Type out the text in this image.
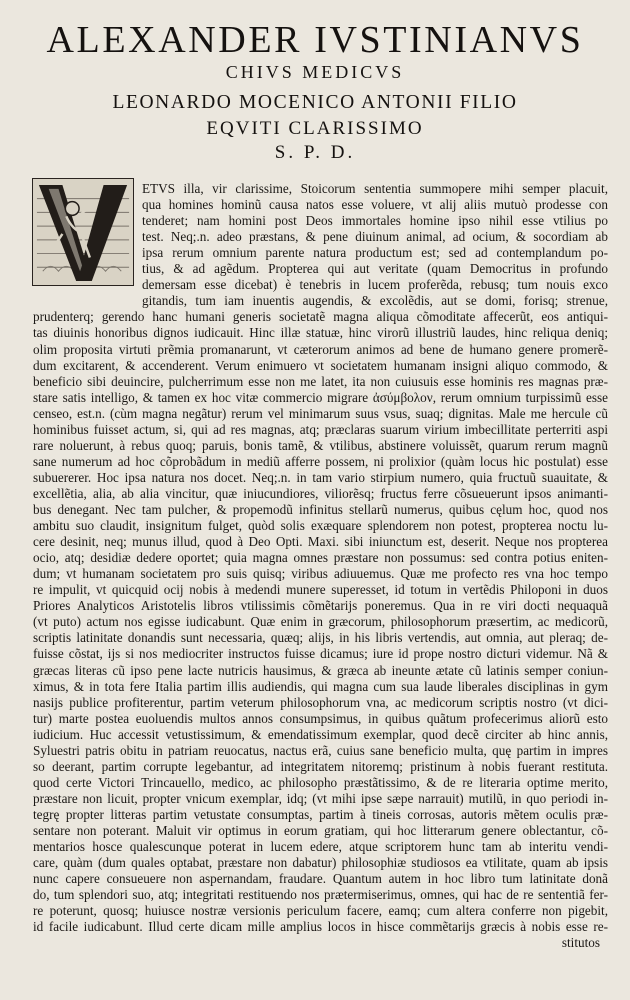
ALEXANDER IVSTINIANVS
CHIVS MEDICVS
LEONARDO MOCENICO ANTONII FILIO
EQVITI CLARISSIMO
S. P. D.
ETVS illa, vir clarissime, Stoicorum sententia summopere mihi semper placuit,
qua homines hominũ causa natos esse voluere, vt alij aliis mutuò prodesse con
tenderet; nam homini post Deos immortales homine ipso nihil esse vtilius po
test. Neq;.n. adeo præstans, & pene diuinum animal, ad ocium, & socordiam ab
ipsa rerum omnium parente natura productum est; sed ad contemplandum po-
tius, & ad agẽdum. Propterea qui aut veritate (quam Democritus in profundo
demersam esse dicebat) è tenebris in lucem proferẽda, rebusq; tum nouis exco
gitandis, tum iam inuentis augendis, & excolẽdis, aut se domi, forisq; strenue,
prudenterq; gerendo hanc humani generis societatẽ magna aliqua cõmoditate affecerũt, eos antiqui-
tas diuinis honoribus dignos iudicauit. Hinc illæ statuæ, hinc virorũ illustriũ laudes, hinc reliqua deniq;
olim proposita virtuti prẽmia promanarunt, vt cæterorum animos ad bene de humano genere promerẽ-
dum excitarent, & accenderent. Verum enimuero vt societatem humanam insigni aliquo commodo, &
beneficio sibi deuincire, pulcherrimum esse non me latet, ita non cuiusuis esse hominis res magnas præ-
stare satis intelligo, & tamen ex hoc vitæ commercio migrare ἀσύμβολον, rerum omnium turpissimũ esse
censeo, est.n. (cùm magna negãtur) rerum vel minimarum suus vsus, suaq; dignitas. Male me hercule cũ
hominibus fuisset actum, si, qui ad res magnas, atq; præclaras suarum virium imbecillitate perterriti aspi
rare noluerunt, à rebus quoq; paruis, bonis tamẽ, & vtilibus, abstinere voluissẽt, quarum rerum magnũ
sane numerum ad hoc cõprobãdum in mediũ afferre possem, ni prolixior (quàm locus hic postulat) esse
subuererer. Hoc ipsa natura nos docet. Neq;.n. in tam vario stirpium numero, quia fructuũ suauitate, &
excellẽtia, alia, ab alia vincitur, quæ iniucundiores, viliorẽsq; fructus ferre cõsueuerunt ipsos animanti-
bus denegant. Nec tam pulcher, & propemodũ infinitus stellarũ numerus, quibus cęlum hoc, quod nos
ambitu suo claudit, insignitum fulget, quòd solis exæquare splendorem non potest, propterea noctu lu-
cere desinit, neq; munus illud, quod à Deo Opti. Maxi. sibi iniunctum est, deserit. Neque nos propterea
ocio, atq; desidiæ dedere oportet; quia magna omnes præstare non possumus: sed contra potius eniten-
dum; vt humanam societatem pro suis quisq; viribus adiuuemus. Quæ me profecto res vna hoc tempo
re impulit, vt quicquid ocij nobis à medendi munere superesset, id totum in vertẽdis Philoponi in duos
Priores Analyticos Aristotelis libros vtilissimis cõmẽtarijs poneremus. Qua in re viri docti nequaquã
(vt puto) actum nos egisse iudicabunt. Quæ enim in græcorum, philosophorum præsertim, ac medicorũ,
scriptis latinitate donandis sunt necessaria, quæq; alijs, in his libris vertendis, aut omnia, aut pleraq; de-
fuisse cõstat, ijs si nos mediocriter instructos fuisse dicamus; iure id prope nostro dicturi videmur. Nã &
græcas literas cũ ipso pene lacte nutricis hausimus, & græca ab ineunte ætate cũ latinis semper coniun-
ximus, & in tota fere Italia partim illis audiendis, qui magna cum sua laude liberales disciplinas in gym
nasijs publice profiterentur, partim veterum philosophorum vna, ac medicorum scriptis nostro (vt dici-
tur) marte postea euoluendis multos annos consumpsimus, in quibus quãtum profecerimus aliorũ esto
iudicium. Huc accessit vetustissimum, & emendatissimum exemplar, quod decẽ circiter ab hinc annis,
Syluestri patris obitu in patriam reuocatus, nactus erã, cuius sane beneficio multa, quę partim in impres
so deerant, partim corrupte legebantur, ad integritatem nitoremq; pristinum à nobis fuerant restituta.
quod certe Victori Trincauello, medico, ac philosopho præstãtissimo, & de re literaria optime merito,
præstare non licuit, propter vnicum exemplar, idq; (vt mihi ipse sæpe narrauit) mutilũ, in quo periodi in-
tegrę propter litteras partim vetustate consumptas, partim à tineis corrosas, autoris mẽtem oculis præ-
sentare non poterant. Maluit vir optimus in eorum gratiam, qui hoc litterarum genere oblectantur, cõ-
mentarios hosce qualescunque poterat in lucem edere, atque scriptorem hunc tam ab interitu vendi-
care, quàm (dum quales optabat, præstare non dabatur) philosophiæ studiosos ea vtilitate, quam ab ipsis
nunc capere consueuere non aspernandam, fraudare. Quantum autem in hoc libro tum latinitate donã
do, tum splendori suo, atq; integritati restituendo nos prætermiserimus, omnes, qui hac de re sententiã fer-
re poterunt, quosq; huiusce nostræ versionis periculum facere, eamq; cum altera conferre non pigebit,
id facile iudicabunt. Illud certe dicam mille amplius locos in hisce commẽtarijs græcis à nobis esse re-
stitutos
